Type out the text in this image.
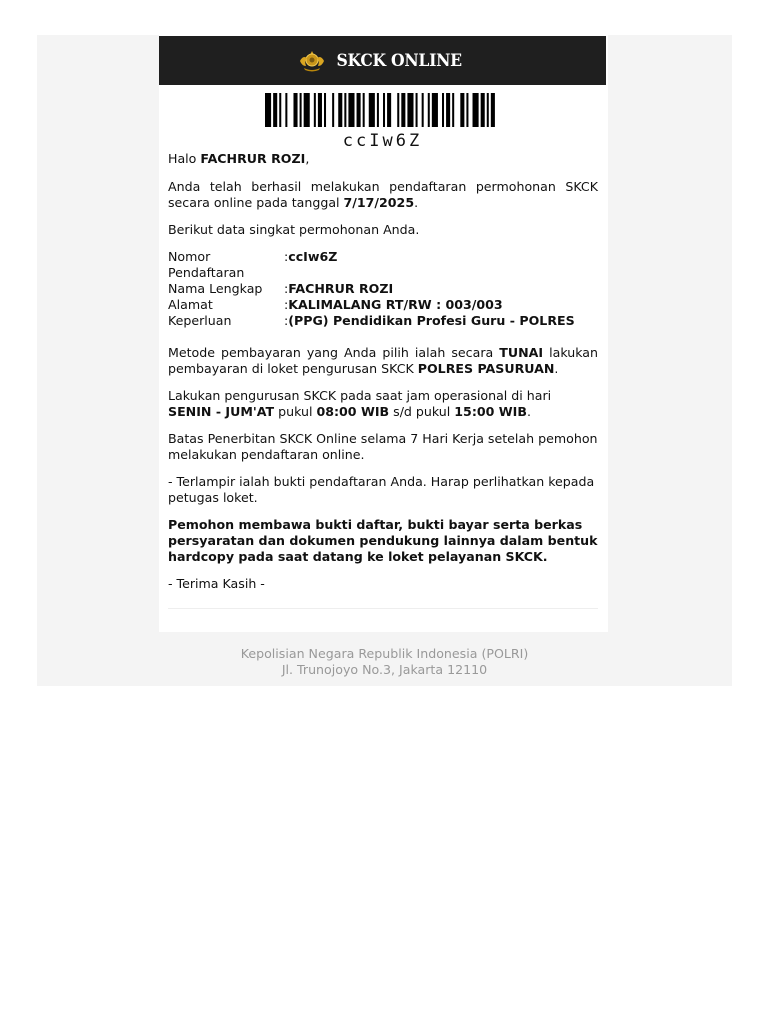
SKCK ONLINE
ccIw6Z

Halo FACHRUR ROZI,

Anda telah berhasil melakukan pendaftaran permohonan SKCK secara online pada tanggal 7/17/2025.

Berikut data singkat permohonan Anda.

Nomor Pendaftaran	:	ccIw6Z
Nama Lengkap	:	FACHRUR ROZI
Alamat	:	KALIMALANG RT/RW : 003/003
Keperluan	:	(PPG) Pendidikan Profesi Guru - POLRES

Metode pembayaran yang Anda pilih ialah secara TUNAI lakukan pembayaran di loket pengurusan SKCK POLRES PASURUAN.

Lakukan pengurusan SKCK pada saat jam operasional di hari SENIN - JUM'AT pukul 08:00 WIB s/d pukul 15:00 WIB.

Batas Penerbitan SKCK Online selama 7 Hari Kerja setelah pemohon melakukan pendaftaran online.

- Terlampir ialah bukti pendaftaran Anda. Harap perlihatkan kepada petugas loket.

Pemohon membawa bukti daftar, bukti bayar serta berkas persyaratan dan dokumen pendukung lainnya dalam bentuk hardcopy pada saat datang ke loket pelayanan SKCK.

- Terima Kasih -

Kepolisian Negara Republik Indonesia (POLRI)
Jl. Trunojoyo No.3, Jakarta 12110
